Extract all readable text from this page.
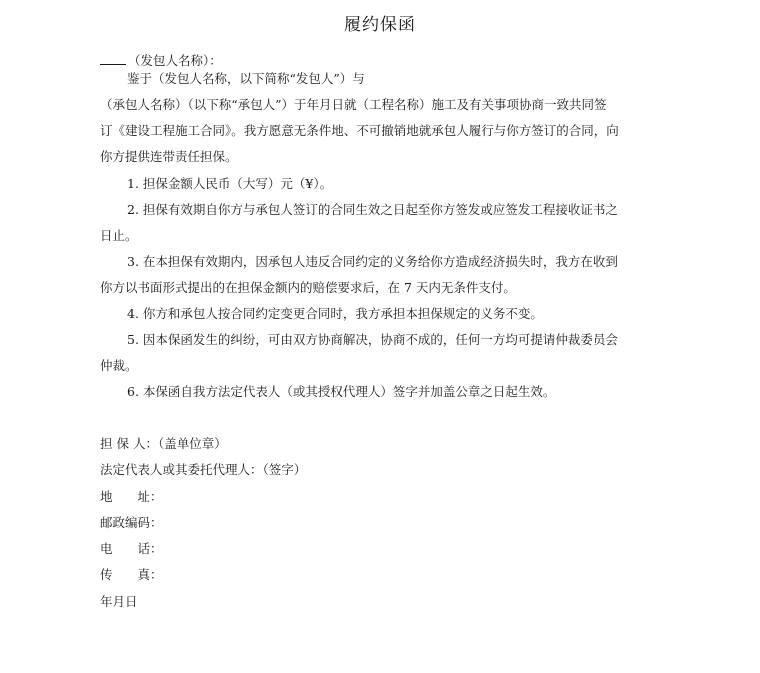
履约保函
（发包人名称）：
鉴于（发包人名称，以下简称“发包人”）与
（承包人名称）（以下称“承包人”）于年月日就（工程名称）施工及有关事项协商一致共同签
订《建设工程施工合同》。我方愿意无条件地、不可撤销地就承包人履行与你方签订的合同，向
你方提供连带责任担保。
1. 担保金额人民币（大写）元（¥）。
2. 担保有效期自你方与承包人签订的合同生效之日起至你方签发或应签发工程接收证书之
日止。
3. 在本担保有效期内，因承包人违反合同约定的义务给你方造成经济损失时，我方在收到
你方以书面形式提出的在担保金额内的赔偿要求后，在 7 天内无条件支付。
4. 你方和承包人按合同约定变更合同时，我方承担本担保规定的义务不变。
5. 因本保函发生的纠纷，可由双方协商解决，协商不成的，任何一方均可提请仲裁委员会
仲裁。
6. 本保函自我方法定代表人（或其授权代理人）签字并加盖公章之日起生效。
担 保 人：（盖单位章）
法定代表人或其委托代理人：（签字）
地　　址：
邮政编码：
电　　话：
传　　真：
年月日
